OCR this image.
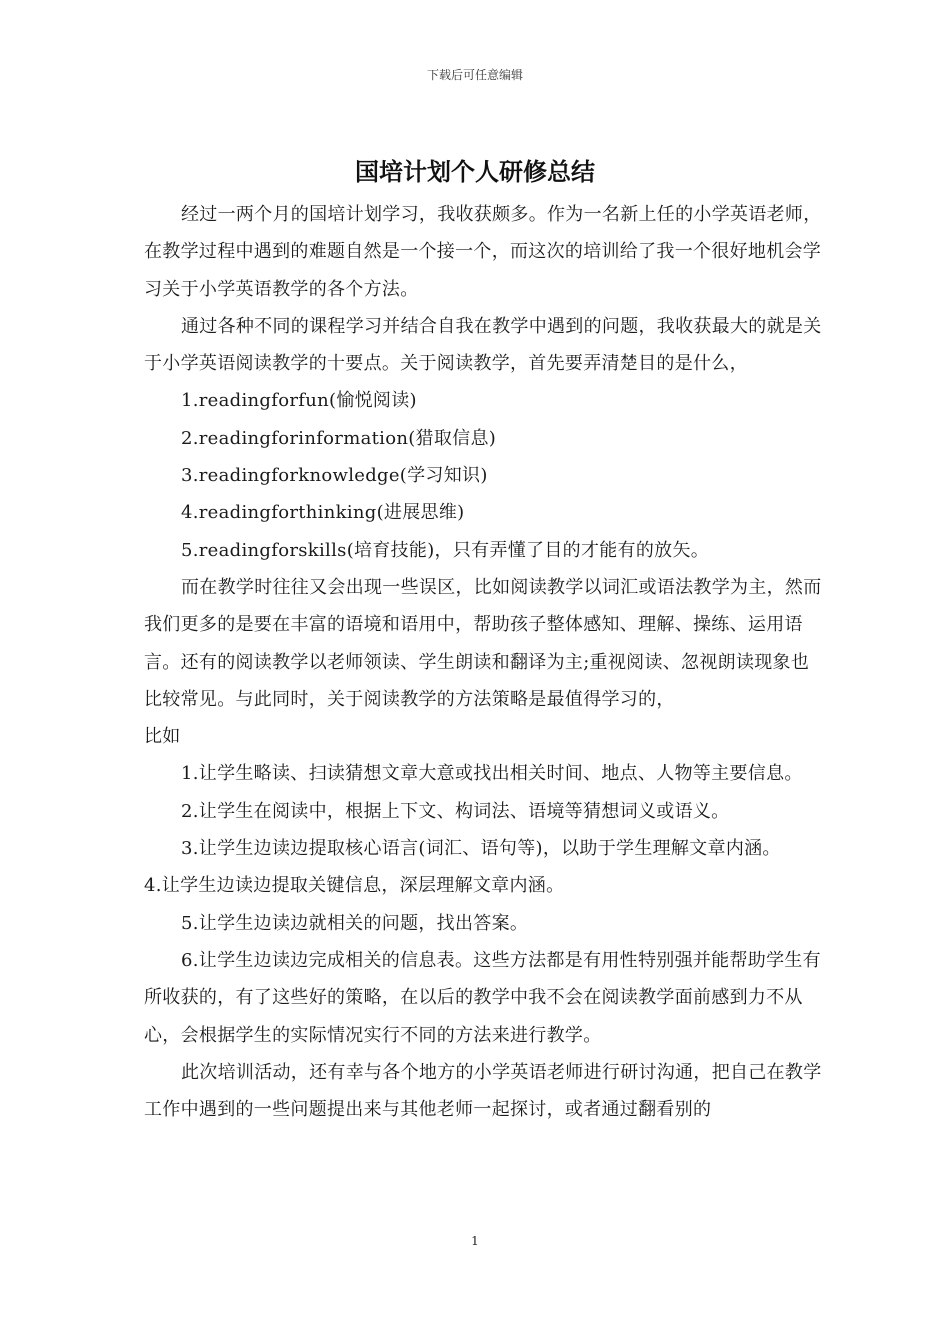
下载后可任意编辑
国培计划个人研修总结

经过一两个月的国培计划学习，我收获颇多。作为一名新上任的小学英语老师，在教学过程中遇到的难题自然是一个接一个，而这次的培训给了我一个很好地机会学习关于小学英语教学的各个方法。

通过各种不同的课程学习并结合自我在教学中遇到的问题，我收获最大的就是关于小学英语阅读教学的十要点。关于阅读教学，首先要弄清楚目的是什么，

1.readingforfun(愉悦阅读)

2.readingforinformation(猎取信息)

3.readingforknowledge(学习知识)

4.readingforthinking(进展思维)

5.readingforskills(培育技能)，只有弄懂了目的才能有的放矢。

而在教学时往往又会出现一些误区，比如阅读教学以词汇或语法教学为主，然而我们更多的是要在丰富的语境和语用中，帮助孩子整体感知、理解、操练、运用语言。还有的阅读教学以老师领读、学生朗读和翻译为主;重视阅读、忽视朗读现象也比较常见。与此同时，关于阅读教学的方法策略是最值得学习的，

比如

1.让学生略读、扫读猜想文章大意或找出相关时间、地点、人物等主要信息。

2.让学生在阅读中，根据上下文、构词法、语境等猜想词义或语义。

3.让学生边读边提取核心语言(词汇、语句等)，以助于学生理解文章内涵。

4.让学生边读边提取关键信息，深层理解文章内涵。

5.让学生边读边就相关的问题，找出答案。

6.让学生边读边完成相关的信息表。这些方法都是有用性特别强并能帮助学生有所收获的，有了这些好的策略，在以后的教学中我不会在阅读教学面前感到力不从心，会根据学生的实际情况实行不同的方法来进行教学。

此次培训活动，还有幸与各个地方的小学英语老师进行研讨沟通，把自己在教学工作中遇到的一些问题提出来与其他老师一起探讨，或者通过翻看别的

1
